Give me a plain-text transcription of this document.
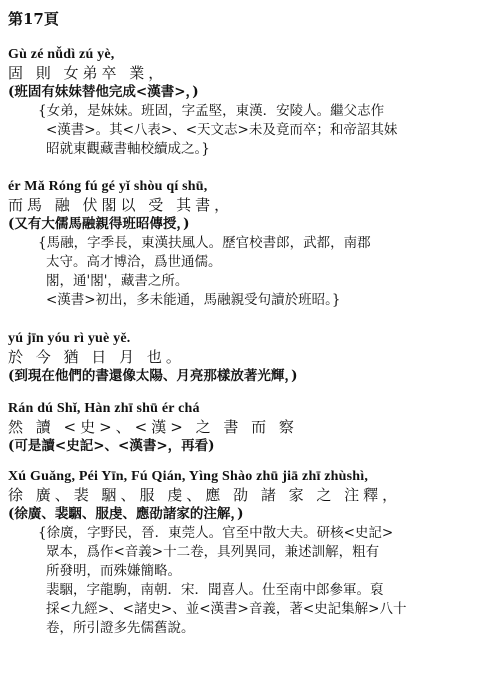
第17頁
Gù zé nǚdì zú yè,
固 則 女弟卒 業，
(班固有妹妹替他完成<漢書>，)
{女弟，是妹妹。班固，字孟堅，東漢．安陵人。繼父志作
<漢書>。其<八表>、<天文志>未及竟而卒；和帝詔其妹
昭就東觀藏書軸校續成之。}
ér Mǎ Róng fú gé yǐ shòu qí shū,
而馬 融 伏閣以 受 其書，
(又有大儒馬融親得班昭傳授，)
{馬融，字季長，東漢扶風人。歷官校書郎，武都，南郡
太守。高才博洽，爲世通儒。
閣，通'閣'，藏書之所。
<漢書>初出，多未能通，馬融親受句讀於班昭。}
yú jīn yóu rì yuè yě.
於 今 猶 日 月 也。
(到現在他們的書還像太陽、月亮那樣放著光輝，)
Rán dú Shǐ, Hàn zhī shū ér chá
然 讀 <史>、<漢> 之 書 而 察
(可是讀<史記>、<漢書>，再看)
Xú Guǎng, Péi Yīn, Fú Qián, Yìng Shào zhū jiā zhī zhùshì,
徐 廣、裴 駰、服 虔、應 劭 諸 家 之 注釋，
(徐廣、裴駰、服虔、應劭諸家的注解，)
{徐廣，字野民，晉．東莞人。官至中散大夫。研核<史記>
眾本，爲作<音義>十二卷，具列異同，兼述訓解，粗有
所發明，而殊嫌簡略。
裴駰，字龍駒，南朝．宋．聞喜人。仕至南中郎參軍。裒
採<九經>、<諸史>、並<漢書>音義，著<史記集解>八十
卷，所引證多先儒舊說。
